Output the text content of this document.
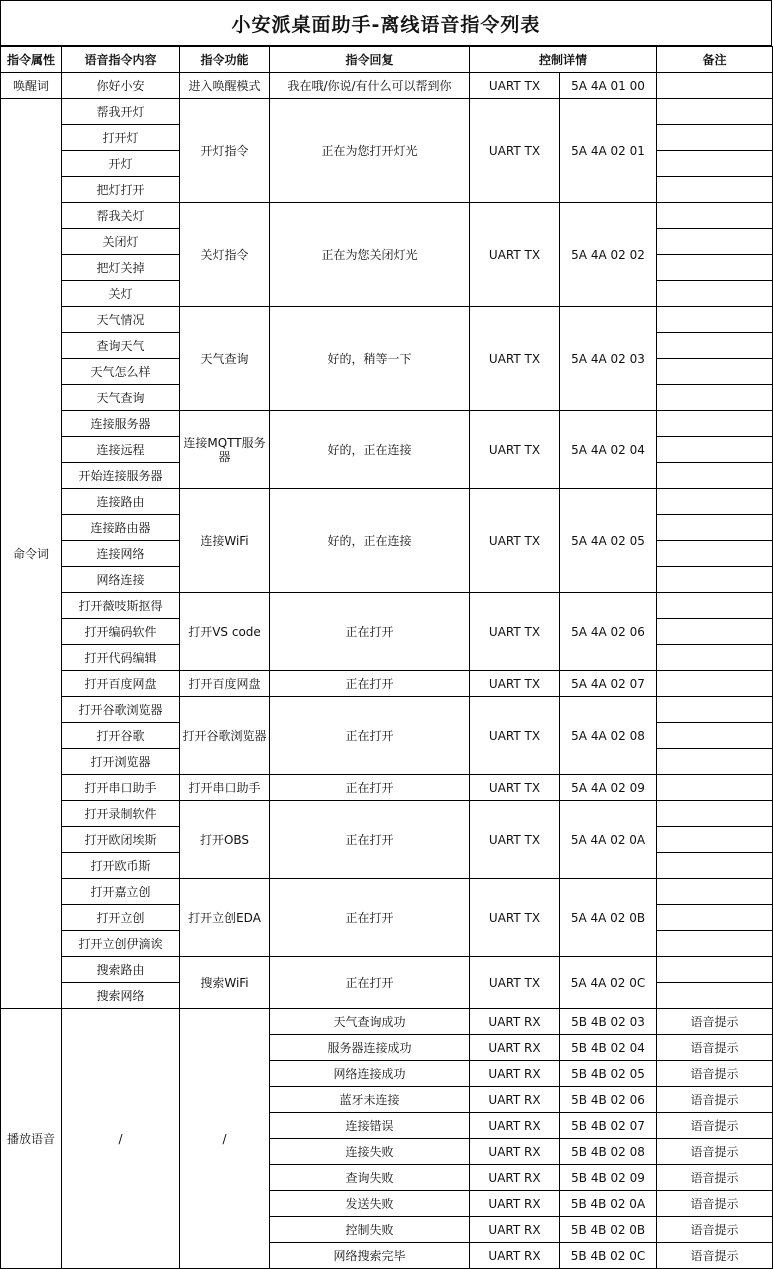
小安派桌面助手-离线语音指令列表
指令属性	语音指令内容	指令功能	指令回复	控制详情		备注
唤醒词	你好小安	进入唤醒模式	我在哦/你说/有什么可以帮到你	UART TX	5A 4A 01 00	
命令词	帮我开灯	开灯指令	正在为您打开灯光	UART TX	5A 4A 02 01	
	打开灯					
	开灯					
	把灯打开					
	帮我关灯	关灯指令	正在为您关闭灯光	UART TX	5A 4A 02 02	
	关闭灯					
	把灯关掉					
	关灯					
	天气情况	天气查询	好的，稍等一下	UART TX	5A 4A 02 03	
	查询天气					
	天气怎么样					
	天气查询					
	连接服务器	连接MQTT服务器	好的，正在连接	UART TX	5A 4A 02 04	
	连接远程					
	开始连接服务器					
	连接路由	连接WiFi	好的，正在连接	UART TX	5A 4A 02 05	
	连接路由器					
	连接网络					
	网络连接					
	打开薇吱斯抠得	打开VS code	正在打开	UART TX	5A 4A 02 06	
	打开编码软件					
	打开代码编辑					
	打开百度网盘	打开百度网盘	正在打开	UART TX	5A 4A 02 07	
	打开谷歌浏览器	打开谷歌浏览器	正在打开	UART TX	5A 4A 02 08	
	打开谷歌					
	打开浏览器					
	打开串口助手	打开串口助手	正在打开	UART TX	5A 4A 02 09	
	打开录制软件	打开OBS	正在打开	UART TX	5A 4A 02 0A	
	打开欧闭埃斯					
	打开欧币斯					
	打开嘉立创	打开立创EDA	正在打开	UART TX	5A 4A 02 0B	
	打开立创					
	打开立创伊滴诶					
	搜索路由	搜索WiFi	正在打开	UART TX	5A 4A 02 0C	
	搜索网络					
播放语音	/	/	天气查询成功	UART RX	5B 4B 02 03	语音提示
			服务器连接成功	UART RX	5B 4B 02 04	语音提示
			网络连接成功	UART RX	5B 4B 02 05	语音提示
			蓝牙未连接	UART RX	5B 4B 02 06	语音提示
			连接错误	UART RX	5B 4B 02 07	语音提示
			连接失败	UART RX	5B 4B 02 08	语音提示
			查询失败	UART RX	5B 4B 02 09	语音提示
			发送失败	UART RX	5B 4B 02 0A	语音提示
			控制失败	UART RX	5B 4B 02 0B	语音提示
			网络搜索完毕	UART RX	5B 4B 02 0C	语音提示
